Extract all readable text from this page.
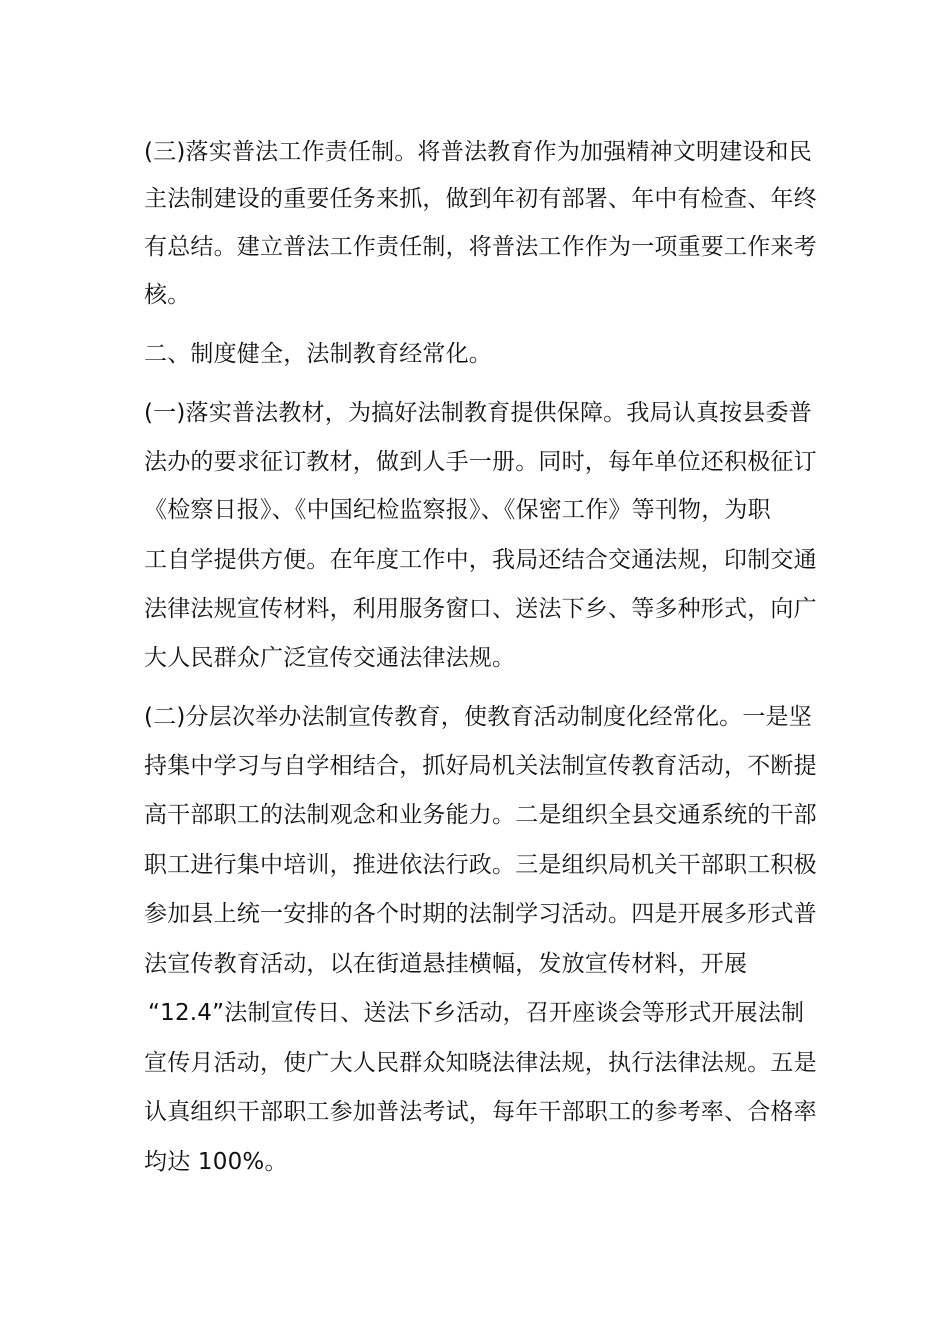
(三)落实普法工作责任制。将普法教育作为加强精神文明建设和民
主法制建设的重要任务来抓，做到年初有部署、年中有检查、年终
有总结。建立普法工作责任制，将普法工作作为一项重要工作来考
核。
二、制度健全，法制教育经常化。
(一)落实普法教材，为搞好法制教育提供保障。我局认真按县委普
法办的要求征订教材，做到人手一册。同时，每年单位还积极征订
《检察日报》、《中国纪检监察报》、《保密工作》等刊物，为职
工自学提供方便。在年度工作中，我局还结合交通法规，印制交通
法律法规宣传材料，利用服务窗口、送法下乡、等多种形式，向广
大人民群众广泛宣传交通法律法规。
(二)分层次举办法制宣传教育，使教育活动制度化经常化。一是坚
持集中学习与自学相结合，抓好局机关法制宣传教育活动，不断提
高干部职工的法制观念和业务能力。二是组织全县交通系统的干部
职工进行集中培训，推进依法行政。三是组织局机关干部职工积极
参加县上统一安排的各个时期的法制学习活动。四是开展多形式普
法宣传教育活动，以在街道悬挂横幅，发放宣传材料，开展
“12.4”法制宣传日、送法下乡活动，召开座谈会等形式开展法制
宣传月活动，使广大人民群众知晓法律法规，执行法律法规。五是
认真组织干部职工参加普法考试，每年干部职工的参考率、合格率
均达 100%。
